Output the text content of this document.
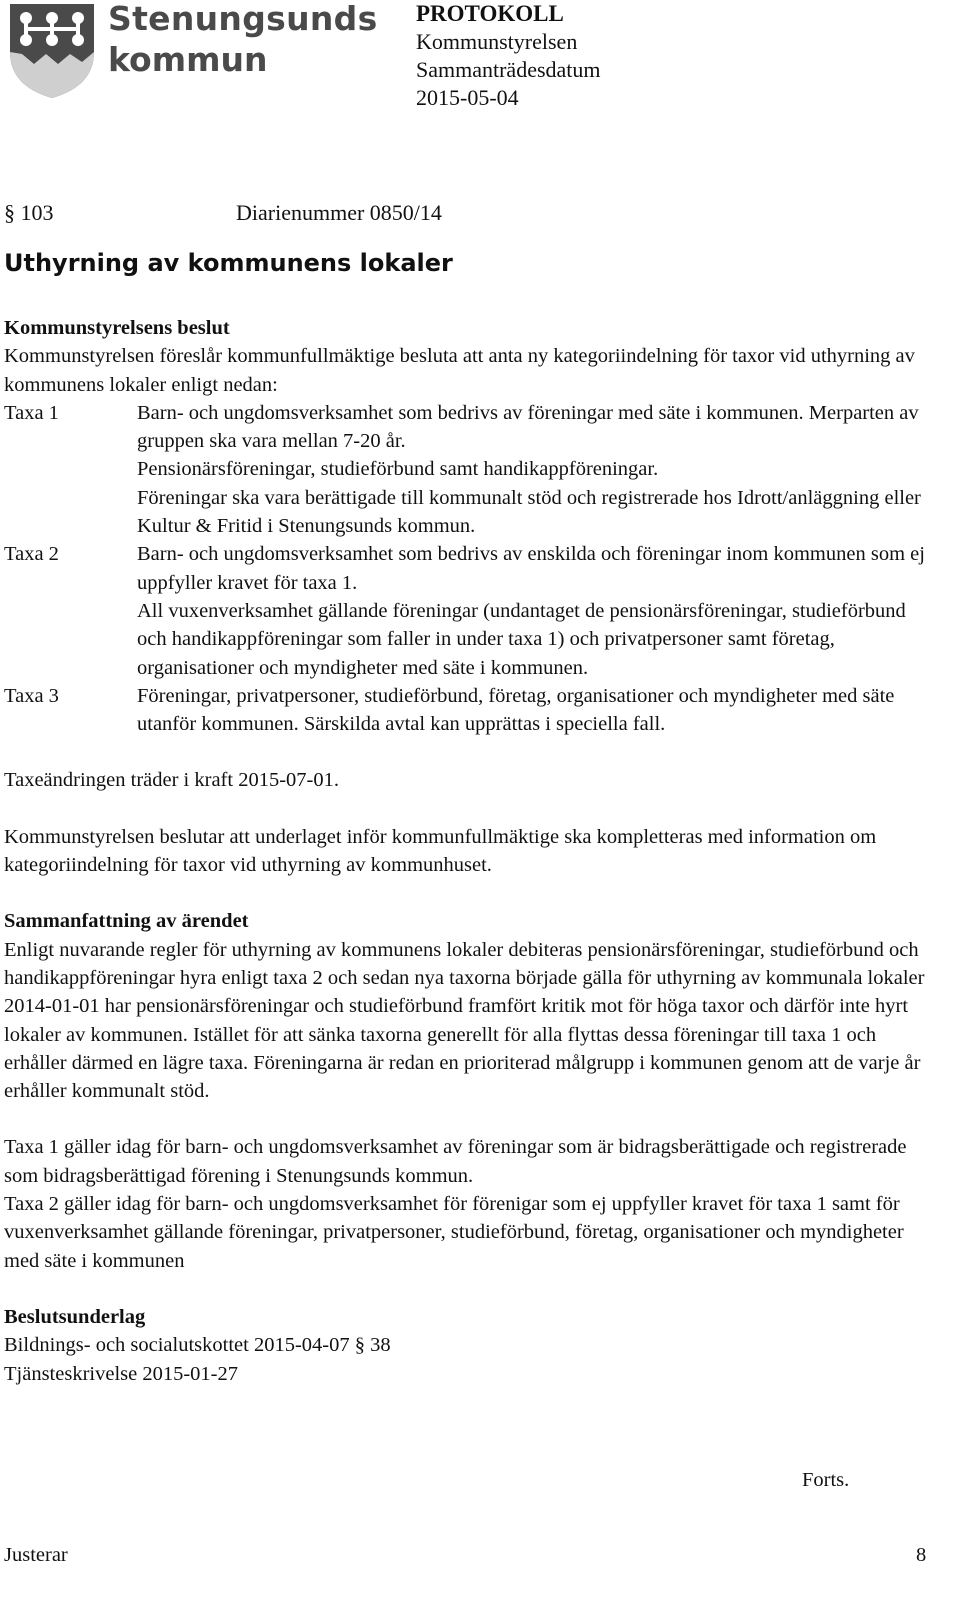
Stenungsunds
kommun
PROTOKOLL
Kommunstyrelsen
Sammanträdesdatum
2015-05-04
§ 103	Diarienummer 0850/14
Uthyrning av kommunens lokaler

Kommunstyrelsens beslut

Kommunstyrelsen föreslår kommunfullmäktige besluta att anta ny kategoriindelning för taxor vid uthyrning av kommunens lokaler enligt nedan:

Taxa 1	Barn- och ungdomsverksamhet som bedrivs av föreningar med säte i kommunen. Merparten av gruppen ska vara mellan 7-20 år.

Pensionärsföreningar, studieförbund samt handikappföreningar.

Föreningar ska vara berättigade till kommunalt stöd och registrerade hos Idrott/anläggning eller Kultur & Fritid i Stenungsunds kommun.

Taxa 2	Barn- och ungdomsverksamhet som bedrivs av enskilda och föreningar inom kommunen som ej uppfyller kravet för taxa 1.

All vuxenverksamhet gällande föreningar (undantaget de pensionärsföreningar, studieförbund och handikappföreningar som faller in under taxa 1) och privatpersoner samt företag, organisationer och myndigheter med säte i kommunen.

Taxa 3	Föreningar, privatpersoner, studieförbund, företag, organisationer och myndigheter med säte utanför kommunen. Särskilda avtal kan upprättas i speciella fall.

Taxeändringen träder i kraft 2015-07-01.

Kommunstyrelsen beslutar att underlaget inför kommunfullmäktige ska kompletteras med information om kategoriindelning för taxor vid uthyrning av kommunhuset.

Sammanfattning av ärendet

Enligt nuvarande regler för uthyrning av kommunens lokaler debiteras pensionärsföreningar, studieförbund och handikappföreningar hyra enligt taxa 2 och sedan nya taxorna började gälla för uthyrning av kommunala lokaler 2014-01-01 har pensionärsföreningar och studieförbund framfört kritik mot för höga taxor och därför inte hyrt lokaler av kommunen. Istället för att sänka taxorna generellt för alla flyttas dessa föreningar till taxa 1 och erhåller därmed en lägre taxa. Föreningarna är redan en prioriterad målgrupp i kommunen genom att de varje år erhåller kommunalt stöd.

Taxa 1 gäller idag för barn- och ungdomsverksamhet av föreningar som är bidragsberättigade och registrerade som bidragsberättigad förening i Stenungsunds kommun.

Taxa 2 gäller idag för barn- och ungdomsverksamhet för förenigar som ej uppfyller kravet för taxa 1 samt för vuxenverksamhet gällande föreningar, privatpersoner, studieförbund, företag, organisationer och myndigheter med säte i kommunen

Beslutsunderlag

Bildnings- och socialutskottet 2015-04-07 § 38

Tjänsteskrivelse 2015-01-27

Forts.
Justerar	8
